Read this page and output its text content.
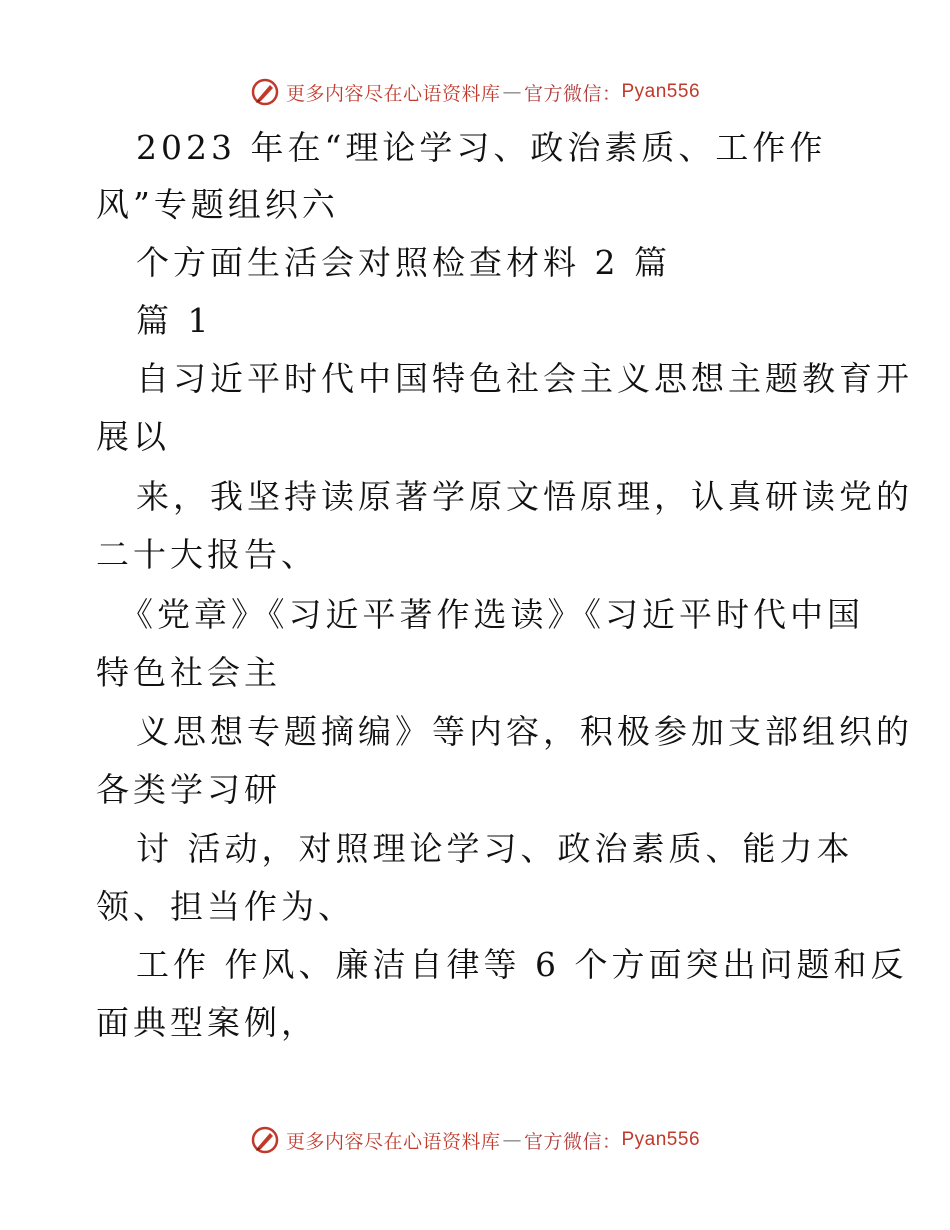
更多内容尽在心语资料库 — 官方微信： Pyan556
2023 年在“理论学习、政治素质、工作作
风”专题组织六
个方面生活会对照检查材料 2 篇
篇 1
自习近平时代中国特色社会主义思想主题教育开
展以
来，我坚持读原著学原文悟原理，认真研读党的
二十大报告、
《党章》《习近平著作选读》《习近平时代中国
特色社会主
义思想专题摘编》等内容，积极参加支部组织的
各类学习研
讨 活动，对照理论学习、政治素质、能力本
领、担当作为、
工作 作风、廉洁自律等 6 个方面突出问题和反
面典型案例，
更多内容尽在心语资料库 — 官方微信： Pyan556
